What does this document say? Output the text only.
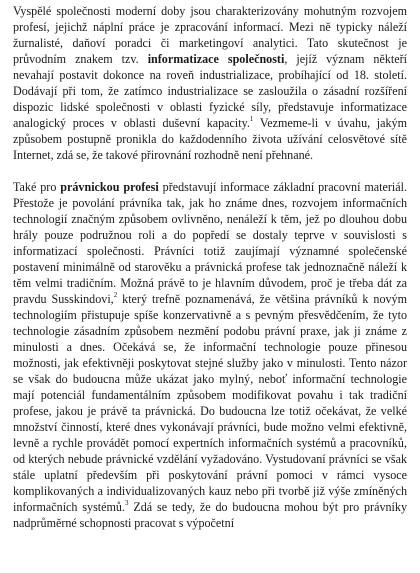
Vyspělé společnosti moderní doby jsou charakterizovány mohutným rozvojem profesí, jejichž náplní práce je zpracování informací. Mezi ně typicky náleží žurnalisté, daňoví poradci či marketingoví analytici. Tato skutečnost je průvodním znakem tzv. informatizace společnosti, jejíž význam někteří nevahají postavit dokonce na roveň industrializace, probíhající od 18. století. Dodávají při tom, že zatímco industrializace se zasloužila o zásadní rozšíření dispozic lidské společnosti v oblasti fyzické síly, představuje informatizace analogický proces v oblasti duševní kapacity.$^1$ Vezmeme-li v úvahu, jakým způsobem postupně pronikla do každodenního života užívání celosvětové sítě Internet, zdá se, že takové přirovnání rozhodně není přehnané.

Také pro právnickou profesi představují informace základní pracovní materiál. Přestože je povolání právníka tak, jak ho známe dnes, rozvojem informačních technologií značným způsobem ovlivněno, nenáleží k těm, jež po dlouhou dobu hrály pouze podružnou roli a do popředí se dostaly teprve v souvislosti s informatizací společnosti. Právníci totiž zaujímají významné společenské postavení minimálně od starověku a právnická profese tak jednoznačně náleží k těm velmi tradičním. Možná právě to je hlavním důvodem, proč je třeba dát za pravdu Susskindovi,$^2$ který trefně poznamenává, že většina právníků k novým technologiím přistupuje spíše konzervativně a s pevným přesvědčením, že tyto technologie zásadním způsobem nezmění podobu právní praxe, jak ji známe z minulosti a dnes. Očekává se, že informační technologie pouze přinesou možnosti, jak efektivněji poskytovat stejné služby jako v minulosti. Tento názor se však do budoucna může ukázat jako mylný, neboť informační technologie mají potenciál fundamentálním způsobem modifikovat povahu i tak tradiční profese, jakou je právě ta právnická. Do budoucna lze totiž očekávat, že velké množství činností, které dnes vykonávají právníci, bude možno velmi efektivně, levně a rychle provádět pomocí expertních informačních systémů a pracovníků, od kterých nebude právnické vzdělání vyžadováno. Vystudovaní právníci se však stále uplatní především při poskytování právní pomoci v rámci vysoce komplikovaných a individualizovaných kauz nebo při tvorbě již výše zmíněných informačních systémů.$^3$ Zdá se tedy, že do budoucna mohou být pro právníky nadprůměrné schopnosti pracovat s výpočetní
